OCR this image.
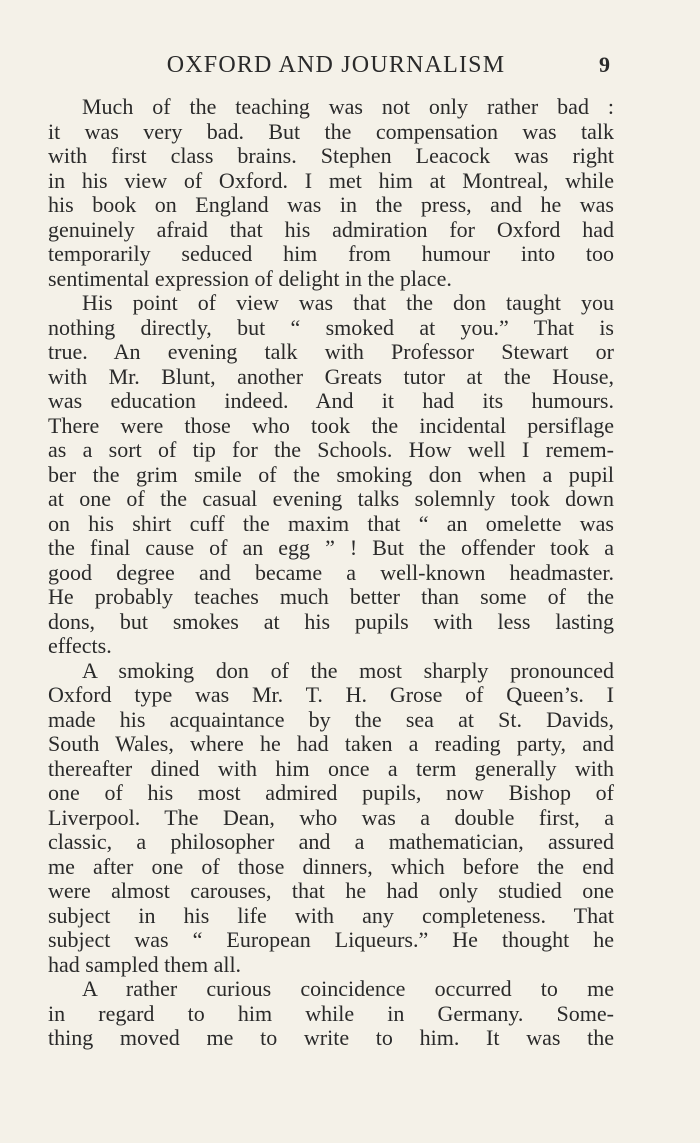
OXFORD AND JOURNALISM	9
Much of the teaching was not only rather bad :
it was very bad. But the compensation was talk
with first class brains. Stephen Leacock was right
in his view of Oxford. I met him at Montreal, while
his book on England was in the press, and he was
genuinely afraid that his admiration for Oxford had
temporarily seduced him from humour into too
sentimental expression of delight in the place.
His point of view was that the don taught you
nothing directly, but “ smoked at you.” That is
true. An evening talk with Professor Stewart or
with Mr. Blunt, another Greats tutor at the House,
was education indeed. And it had its humours.
There were those who took the incidental persiflage
as a sort of tip for the Schools. How well I remem-
ber the grim smile of the smoking don when a pupil
at one of the casual evening talks solemnly took down
on his shirt cuff the maxim that “ an omelette was
the final cause of an egg ” ! But the offender took a
good degree and became a well-known headmaster.
He probably teaches much better than some of the
dons, but smokes at his pupils with less lasting
effects.
A smoking don of the most sharply pronounced
Oxford type was Mr. T. H. Grose of Queen’s. I
made his acquaintance by the sea at St. Davids,
South Wales, where he had taken a reading party, and
thereafter dined with him once a term generally with
one of his most admired pupils, now Bishop of
Liverpool. The Dean, who was a double first, a
classic, a philosopher and a mathematician, assured
me after one of those dinners, which before the end
were almost carouses, that he had only studied one
subject in his life with any completeness. That
subject was “ European Liqueurs.” He thought he
had sampled them all.
A rather curious coincidence occurred to me
in regard to him while in Germany. Some-
thing moved me to write to him. It was the
